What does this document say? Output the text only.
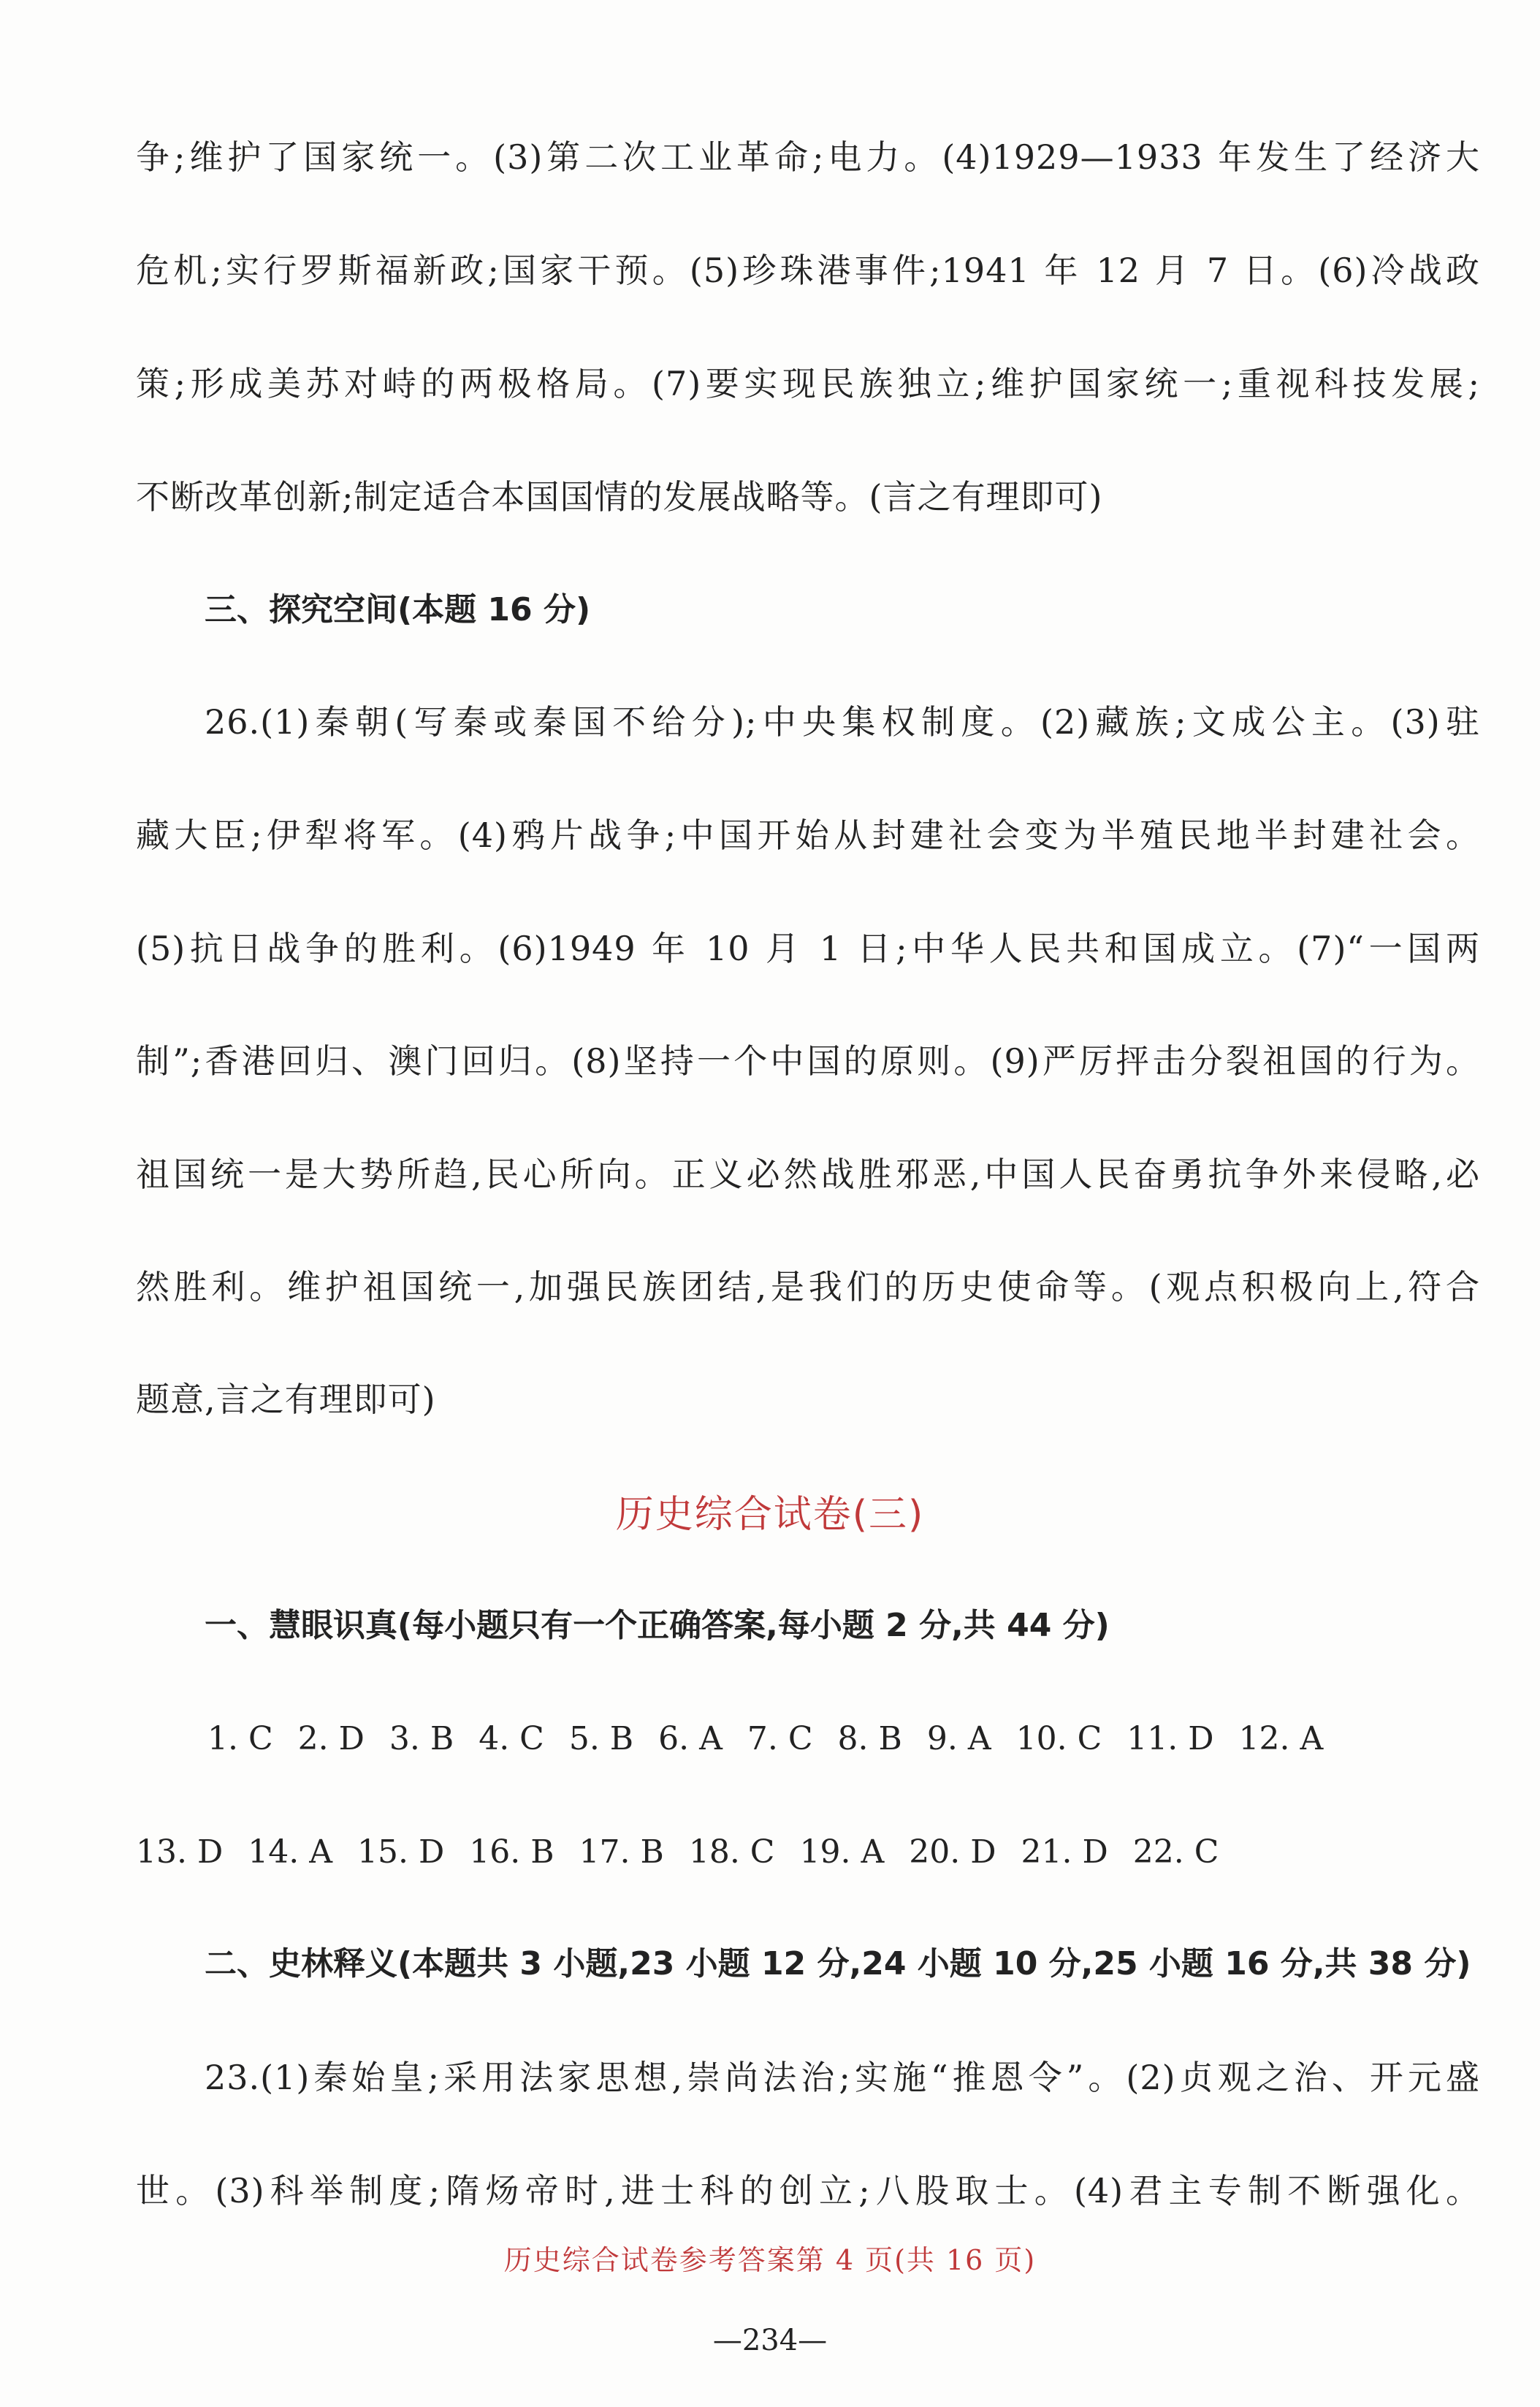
争;维护了国家统一。(3)第二次工业革命;电力。(4)1929—1933 年发生了经济大
危机;实行罗斯福新政;国家干预。(5)珍珠港事件;1941 年 12 月 7 日。(6)冷战政
策;形成美苏对峙的两极格局。(7)要实现民族独立;维护国家统一;重视科技发展;
不断改革创新;制定适合本国国情的发展战略等。(言之有理即可)
三、探究空间(本题 16 分)
26.(1)秦朝(写秦或秦国不给分);中央集权制度。(2)藏族;文成公主。(3)驻
藏大臣;伊犁将军。(4)鸦片战争;中国开始从封建社会变为半殖民地半封建社会。
(5)抗日战争的胜利。(6)1949 年 10 月 1 日;中华人民共和国成立。(7)“一国两
制”;香港回归、澳门回归。(8)坚持一个中国的原则。(9)严厉抨击分裂祖国的行为。
祖国统一是大势所趋,民心所向。正义必然战胜邪恶,中国人民奋勇抗争外来侵略,必
然胜利。维护祖国统一,加强民族团结,是我们的历史使命等。(观点积极向上,符合
题意,言之有理即可)
历史综合试卷(三)
一、慧眼识真(每小题只有一个正确答案,每小题 2 分,共 44 分)
1. C 2. D 3. B 4. C 5. B 6. A 7. C 8. B 9. A 10. C 11. D 12. A
13. D 14. A 15. D 16. B 17. B 18. C 19. A 20. D 21. D 22. C
二、史林释义(本题共 3 小题,23 小题 12 分,24 小题 10 分,25 小题 16 分,共 38 分)
23.(1)秦始皇;采用法家思想,崇尚法治;实施“推恩令”。(2)贞观之治、开元盛
世。(3)科举制度;隋炀帝时,进士科的创立;八股取士。(4)君主专制不断强化。
历史综合试卷参考答案第 4 页(共 16 页)
—234—
